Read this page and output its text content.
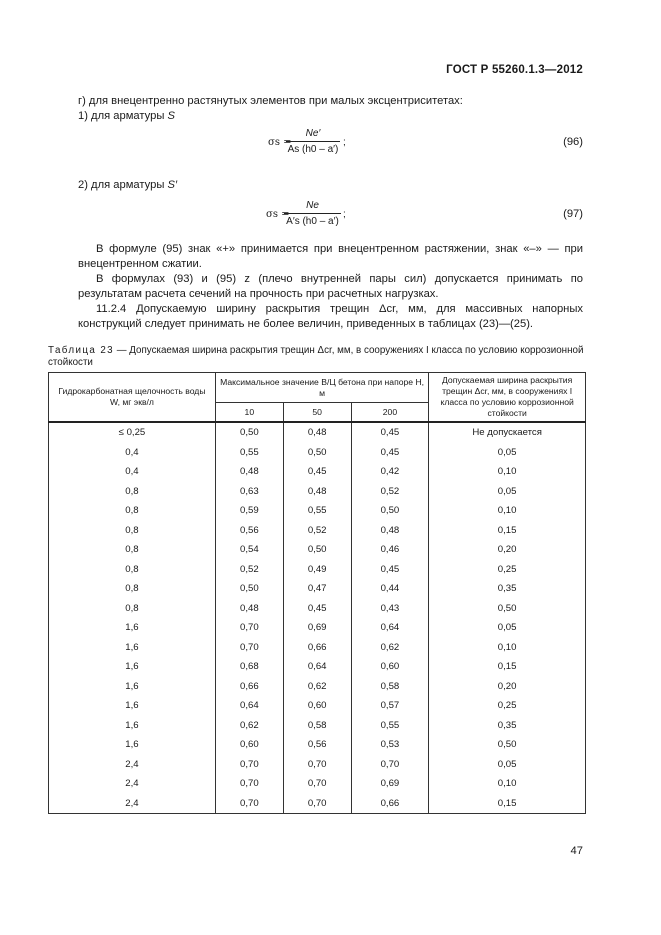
ГОСТ Р 55260.1.3—2012
г) для внецентренно растянутых элементов при малых эксцентриситетах:
1) для арматуры S
σs =
Ne′
As (h0 – a′)
;	(96)
2) для арматуры S′
σs =
Ne
A′s (h0 – a′)
;	(97)
В формуле (95) знак «+» принимается при внецентренном растяжении, знак «–» — при внецентренном сжатии.
В формулах (93) и (95) z (плечо внутренней пары сил) допускается принимать по результатам расчета сечений на прочность при расчетных нагрузках.
11.2.4 Допускаемую ширину раскрытия трещин Δcr, мм, для массивных напорных конструкций следует принимать не более величин, приведенных в таблицах (23)—(25).
Таблица 23 — Допускаемая ширина раскрытия трещин Δcr, мм, в сооружениях I класса по условию коррозионной стойкости
Гидрокарбонатная щелочность воды W, мг экв/л	Максимальное значение В/Ц бетона при напоре H, м			Допускаемая ширина раскрытия трещин Δcr, мм, в сооружениях I класса по условию коррозионной стойкости
	10	50	200	
≤ 0,25	0,50	0,48	0,45	Не допускается
0,4	0,55	0,50	0,45	0,05
0,4	0,48	0,45	0,42	0,10
0,8	0,63	0,48	0,52	0,05
0,8	0,59	0,55	0,50	0,10
0,8	0,56	0,52	0,48	0,15
0,8	0,54	0,50	0,46	0,20
0,8	0,52	0,49	0,45	0,25
0,8	0,50	0,47	0,44	0,35
0,8	0,48	0,45	0,43	0,50
1,6	0,70	0,69	0,64	0,05
1,6	0,70	0,66	0,62	0,10
1,6	0,68	0,64	0,60	0,15
1,6	0,66	0,62	0,58	0,20
1,6	0,64	0,60	0,57	0,25
1,6	0,62	0,58	0,55	0,35
1,6	0,60	0,56	0,53	0,50
2,4	0,70	0,70	0,70	0,05
2,4	0,70	0,70	0,69	0,10
2,4	0,70	0,70	0,66	0,15
47
